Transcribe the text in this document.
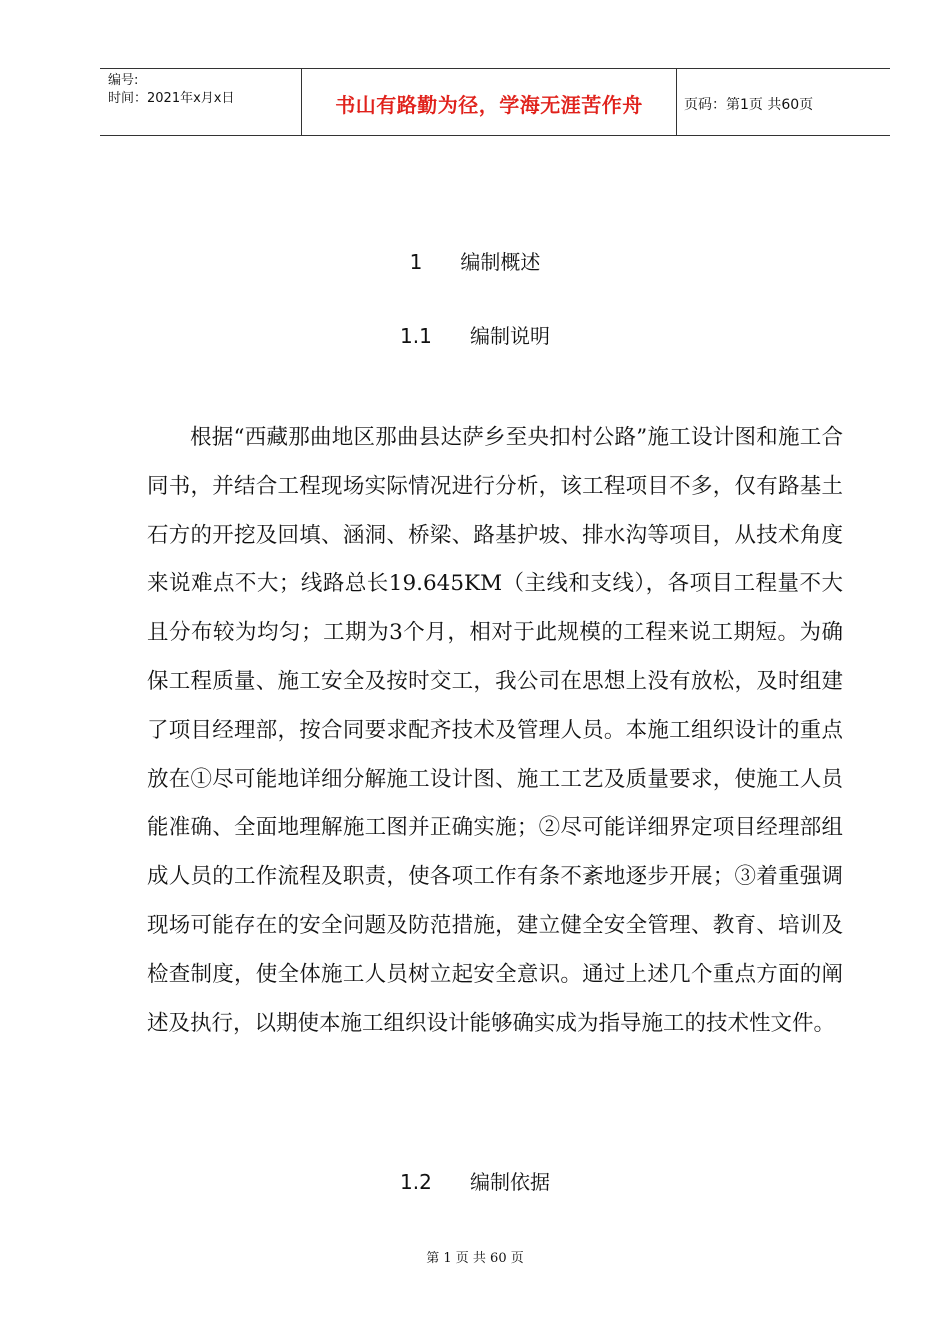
编号:
时间：2021年x月x日	书山有路勤为径，学海无涯苦作舟	页码：第1页 共60页
1      编制概述
1.1      编制说明

根据“西藏那曲地区那曲县达萨乡至央扣村公路”施工设计图和施工合同书，并结合工程现场实际情况进行分析，该工程项目不多，仅有路基土石方的开挖及回填、涵洞、桥梁、路基护坡、排水沟等项目，从技术角度来说难点不大；线路总长19.645KM（主线和支线），各项目工程量不大且分布较为均匀；工期为3个月，相对于此规模的工程来说工期短。为确保工程质量、施工安全及按时交工，我公司在思想上没有放松，及时组建了项目经理部，按合同要求配齐技术及管理人员。本施工组织设计的重点放在①尽可能地详细分解施工设计图、施工工艺及质量要求，使施工人员能准确、全面地理解施工图并正确实施；②尽可能详细界定项目经理部组成人员的工作流程及职责，使各项工作有条不紊地逐步开展；③着重强调现场可能存在的安全问题及防范措施，建立健全安全管理、教育、培训及检查制度，使全体施工人员树立起安全意识。通过上述几个重点方面的阐述及执行，以期使本施工组织设计能够确实成为指导施工的技术性文件。

1.2      编制依据
第 1 页 共 60 页
